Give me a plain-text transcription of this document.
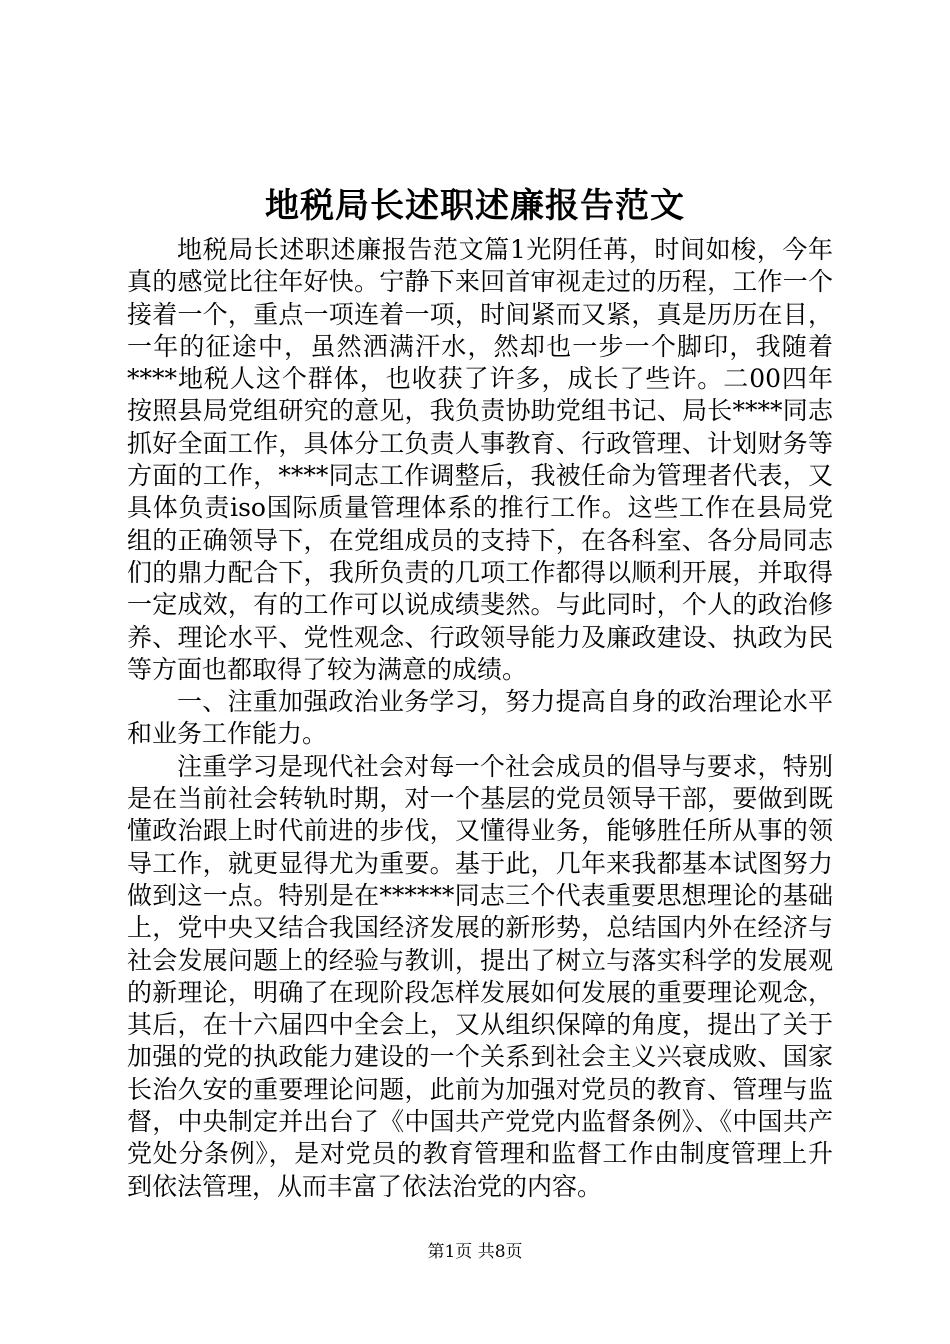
地税局长述职述廉报告范文

地税局长述职述廉报告范文篇1光阴任苒，时间如梭，今年真的感觉比往年好快。宁静下来回首审视走过的历程，工作一个接着一个，重点一项连着一项，时间紧而又紧，真是历历在目，一年的征途中，虽然洒满汗水，然却也一步一个脚印，我随着****地税人这个群体，也收获了许多，成长了些许。二00四年按照县局党组研究的意见，我负责协助党组书记、局长****同志抓好全面工作，具体分工负责人事教育、行政管理、计划财务等方面的工作，****同志工作调整后，我被任命为管理者代表，又具体负责iso国际质量管理体系的推行工作。这些工作在县局党组的正确领导下，在党组成员的支持下，在各科室、各分局同志们的鼎力配合下，我所负责的几项工作都得以顺利开展，并取得一定成效，有的工作可以说成绩斐然。与此同时，个人的政治修养、理论水平、党性观念、行政领导能力及廉政建设、执政为民等方面也都取得了较为满意的成绩。

一、注重加强政治业务学习，努力提高自身的政治理论水平和业务工作能力。

注重学习是现代社会对每一个社会成员的倡导与要求，特别是在当前社会转轨时期，对一个基层的党员领导干部，要做到既懂政治跟上时代前进的步伐，又懂得业务，能够胜任所从事的领导工作，就更显得尤为重要。基于此，几年来我都基本试图努力做到这一点。特别是在******同志三个代表重要思想理论的基础上，党中央又结合我国经济发展的新形势，总结国内外在经济与社会发展问题上的经验与教训，提出了树立与落实科学的发展观的新理论，明确了在现阶段怎样发展如何发展的重要理论观念，其后，在十六届四中全会上，又从组织保障的角度，提出了关于加强的党的执政能力建设的一个关系到社会主义兴衰成败、国家长治久安的重要理论问题，此前为加强对党员的教育、管理与监督，中央制定并出台了《中国共产党党内监督条例》、《中国共产党处分条例》，是对党员的教育管理和监督工作由制度管理上升到依法管理，从而丰富了依法治党的内容。

第1页 共8页
